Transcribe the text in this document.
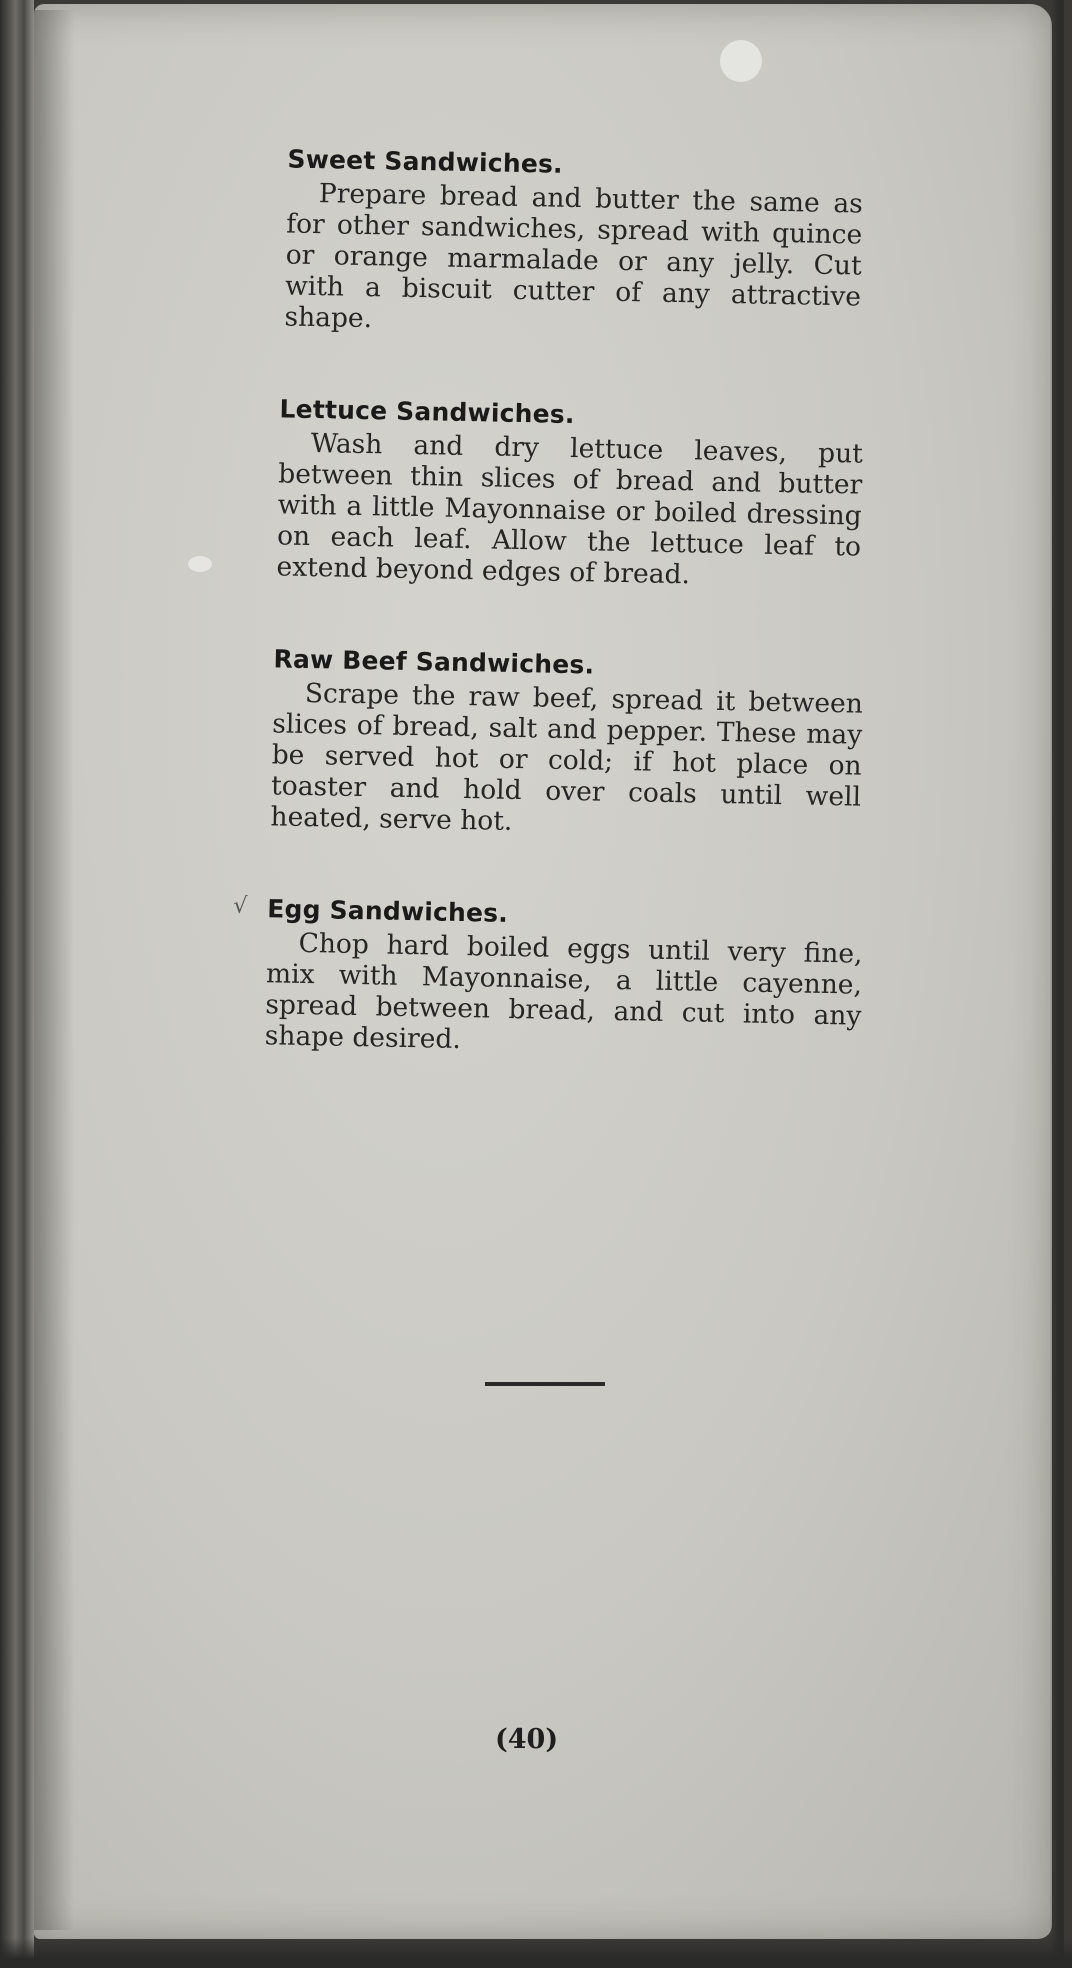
Sweet Sandwiches.

Prepare bread and butter the same as for other sandwiches, spread with quince or orange marmalade or any jelly. Cut with a biscuit cutter of any attractive shape.

Lettuce Sandwiches.

Wash and dry lettuce leaves, put between thin slices of bread and butter with a little Mayonnaise or boiled dressing on each leaf. Allow the lettuce leaf to extend beyond edges of bread.

Raw Beef Sandwiches.

Scrape the raw beef, spread it between slices of bread, salt and pepper. These may be served hot or cold; if hot place on toaster and hold over coals until well heated, serve hot.

√ Egg Sandwiches.

Chop hard boiled eggs until very fine, mix with Mayonnaise, a little cayenne, spread between bread, and cut into any shape desired.

(40)
